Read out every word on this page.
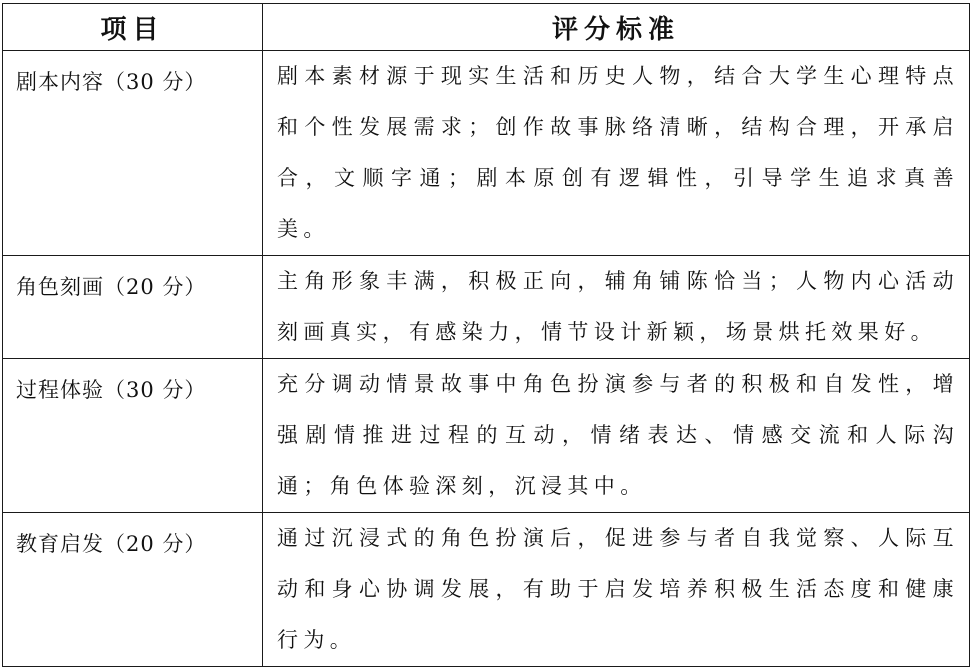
项目	评分标准

剧本内容（30 分）	剧本素材源于现实生活和历史人物，结合大学生心理特点和个性发展需求；创作故事脉络清晰，结构合理，开承启合，文顺字通；剧本原创有逻辑性，引导学生追求真善美。

角色刻画（20 分）	主角形象丰满，积极正向，辅角铺陈恰当；人物内心活动刻画真实，有感染力，情节设计新颖，场景烘托效果好。

过程体验（30 分）	充分调动情景故事中角色扮演参与者的积极和自发性，增强剧情推进过程的互动，情绪表达、情感交流和人际沟通；角色体验深刻，沉浸其中。

教育启发（20 分）	通过沉浸式的角色扮演后，促进参与者自我觉察、人际互动和身心协调发展，有助于启发培养积极生活态度和健康行为。
